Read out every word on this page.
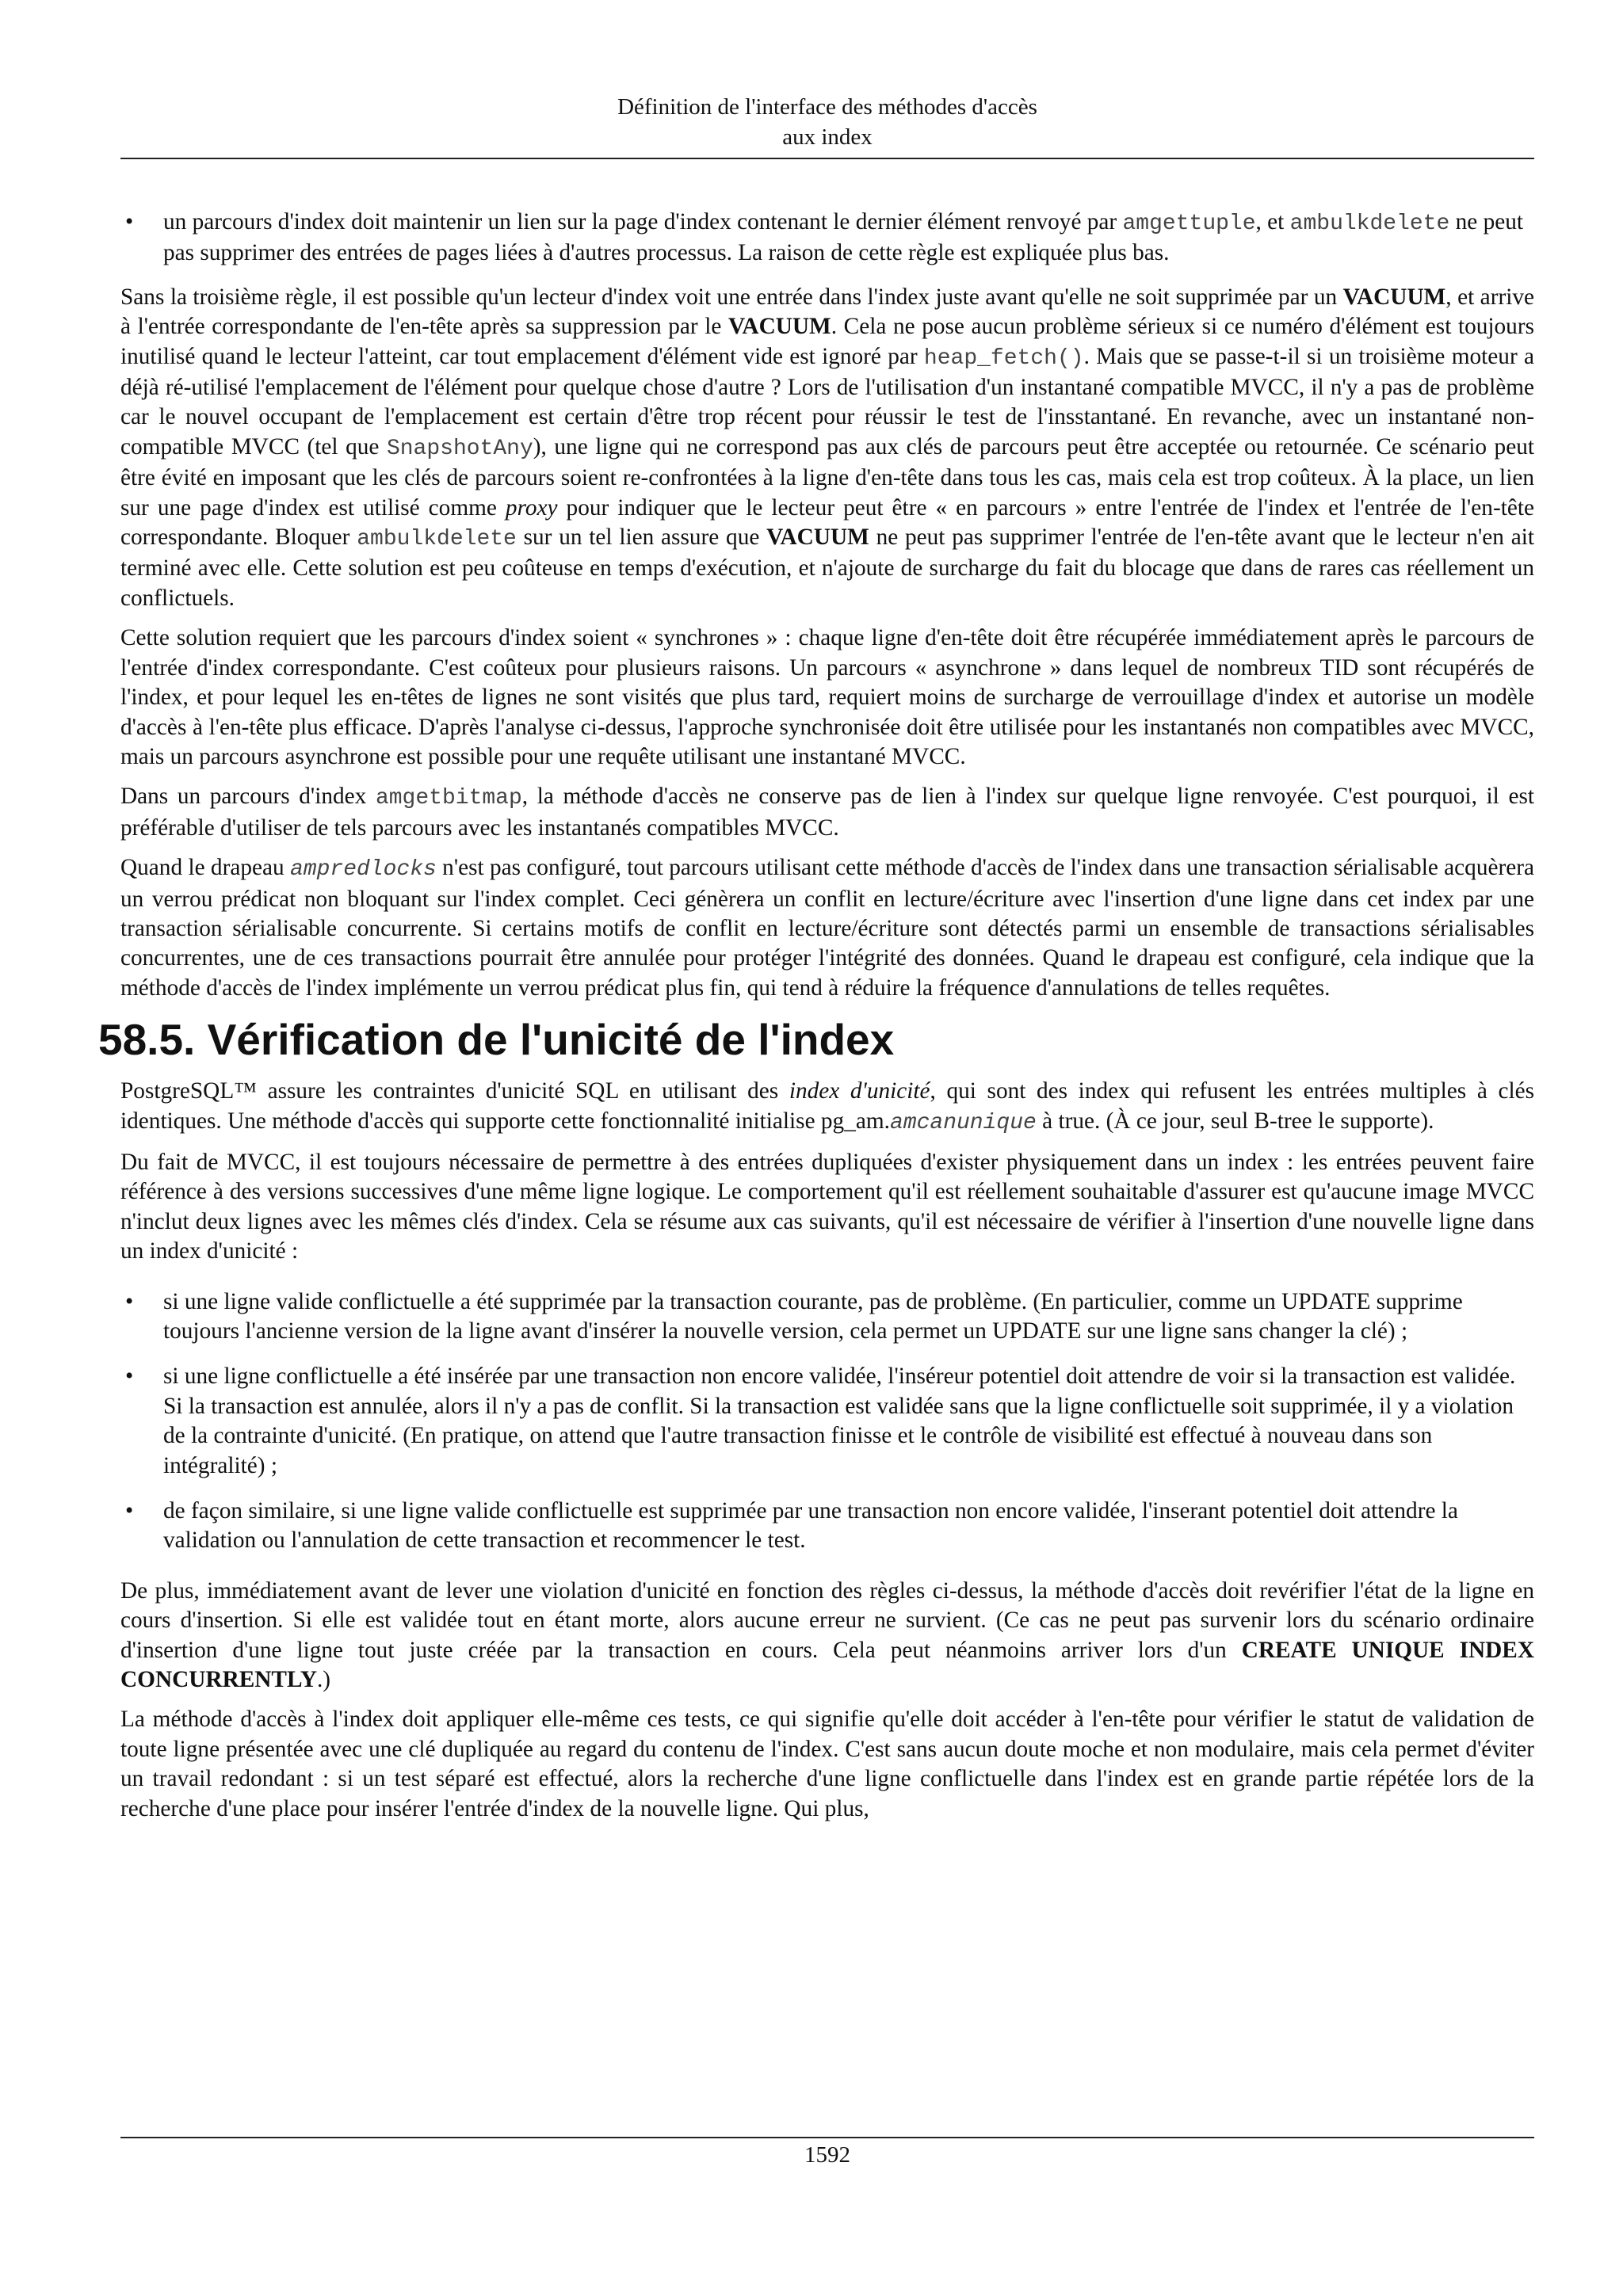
Définition de l'interface des méthodes d'accès
aux index
• un parcours d'index doit maintenir un lien sur la page d'index contenant le dernier élément renvoyé par amgettuple, et ambulkdelete ne peut pas supprimer des entrées de pages liées à d'autres processus. La raison de cette règle est expliquée plus bas.

Sans la troisième règle, il est possible qu'un lecteur d'index voit une entrée dans l'index juste avant qu'elle ne soit supprimée par un VACUUM, et arrive à l'entrée correspondante de l'en-tête après sa suppression par le VACUUM. Cela ne pose aucun problème sérieux si ce numéro d'élément est toujours inutilisé quand le lecteur l'atteint, car tout emplacement d'élément vide est ignoré par heap_fetch(). Mais que se passe-t-il si un troisième moteur a déjà ré-utilisé l'emplacement de l'élément pour quelque chose d'autre ? Lors de l'utilisation d'un instantané compatible MVCC, il n'y a pas de problème car le nouvel occupant de l'emplacement est certain d'être trop récent pour réussir le test de l'insstantané. En revanche, avec un instantané non-compatible MVCC (tel que SnapshotAny), une ligne qui ne correspond pas aux clés de parcours peut être acceptée ou retournée. Ce scénario peut être évité en imposant que les clés de parcours soient re-confrontées à la ligne d'en-tête dans tous les cas, mais cela est trop coûteux. À la place, un lien sur une page d'index est utilisé comme proxy pour indiquer que le lecteur peut être « en parcours » entre l'entrée de l'index et l'entrée de l'en-tête correspondante. Bloquer ambulkdelete sur un tel lien assure que VACUUM ne peut pas supprimer l'entrée de l'en-tête avant que le lecteur n'en ait terminé avec elle. Cette solution est peu coûteuse en temps d'exécution, et n'ajoute de surcharge du fait du blocage que dans de rares cas réellement un conflictuels.

Cette solution requiert que les parcours d'index soient « synchrones » : chaque ligne d'en-tête doit être récupérée immédiatement après le parcours de l'entrée d'index correspondante. C'est coûteux pour plusieurs raisons. Un parcours « asynchrone » dans lequel de nombreux TID sont récupérés de l'index, et pour lequel les en-têtes de lignes ne sont visités que plus tard, requiert moins de surcharge de verrouillage d'index et autorise un modèle d'accès à l'en-tête plus efficace. D'après l'analyse ci-dessus, l'approche synchronisée doit être utilisée pour les instantanés non compatibles avec MVCC, mais un parcours asynchrone est possible pour une requête utilisant une instantané MVCC.

Dans un parcours d'index amgetbitmap, la méthode d'accès ne conserve pas de lien à l'index sur quelque ligne renvoyée. C'est pourquoi, il est préférable d'utiliser de tels parcours avec les instantanés compatibles MVCC.

Quand le drapeau ampredlocks n'est pas configuré, tout parcours utilisant cette méthode d'accès de l'index dans une transaction sérialisable acquèrera un verrou prédicat non bloquant sur l'index complet. Ceci génèrera un conflit en lecture/écriture avec l'insertion d'une ligne dans cet index par une transaction sérialisable concurrente. Si certains motifs de conflit en lecture/écriture sont détectés parmi un ensemble de transactions sérialisables concurrentes, une de ces transactions pourrait être annulée pour protéger l'intégrité des données. Quand le drapeau est configuré, cela indique que la méthode d'accès de l'index implémente un verrou prédicat plus fin, qui tend à réduire la fréquence d'annulations de telles requêtes.

58.5. Vérification de l'unicité de l'index

PostgreSQL™ assure les contraintes d'unicité SQL en utilisant des index d'unicité, qui sont des index qui refusent les entrées multiples à clés identiques. Une méthode d'accès qui supporte cette fonctionnalité initialise pg_am.amcanunique à true. (À ce jour, seul B-tree le supporte).

Du fait de MVCC, il est toujours nécessaire de permettre à des entrées dupliquées d'exister physiquement dans un index : les entrées peuvent faire référence à des versions successives d'une même ligne logique. Le comportement qu'il est réellement souhaitable d'assurer est qu'aucune image MVCC n'inclut deux lignes avec les mêmes clés d'index. Cela se résume aux cas suivants, qu'il est nécessaire de vérifier à l'insertion d'une nouvelle ligne dans un index d'unicité :

• si une ligne valide conflictuelle a été supprimée par la transaction courante, pas de problème. (En particulier, comme un UPDATE supprime toujours l'ancienne version de la ligne avant d'insérer la nouvelle version, cela permet un UPDATE sur une ligne sans changer la clé) ;
• si une ligne conflictuelle a été insérée par une transaction non encore validée, l'inséreur potentiel doit attendre de voir si la transaction est validée. Si la transaction est annulée, alors il n'y a pas de conflit. Si la transaction est validée sans que la ligne conflictuelle soit supprimée, il y a violation de la contrainte d'unicité. (En pratique, on attend que l'autre transaction finisse et le contrôle de visibilité est effectué à nouveau dans son intégralité) ;
• de façon similaire, si une ligne valide conflictuelle est supprimée par une transaction non encore validée, l'inserant potentiel doit attendre la validation ou l'annulation de cette transaction et recommencer le test.

De plus, immédiatement avant de lever une violation d'unicité en fonction des règles ci-dessus, la méthode d'accès doit revérifier l'état de la ligne en cours d'insertion. Si elle est validée tout en étant morte, alors aucune erreur ne survient. (Ce cas ne peut pas survenir lors du scénario ordinaire d'insertion d'une ligne tout juste créée par la transaction en cours. Cela peut néanmoins arriver lors d'un CREATE UNIQUE INDEX CONCURRENTLY.)

La méthode d'accès à l'index doit appliquer elle-même ces tests, ce qui signifie qu'elle doit accéder à l'en-tête pour vérifier le statut de validation de toute ligne présentée avec une clé dupliquée au regard du contenu de l'index. C'est sans aucun doute moche et non modulaire, mais cela permet d'éviter un travail redondant : si un test séparé est effectué, alors la recherche d'une ligne conflictuelle dans l'index est en grande partie répétée lors de la recherche d'une place pour insérer l'entrée d'index de la nouvelle ligne. Qui plus,

1592
